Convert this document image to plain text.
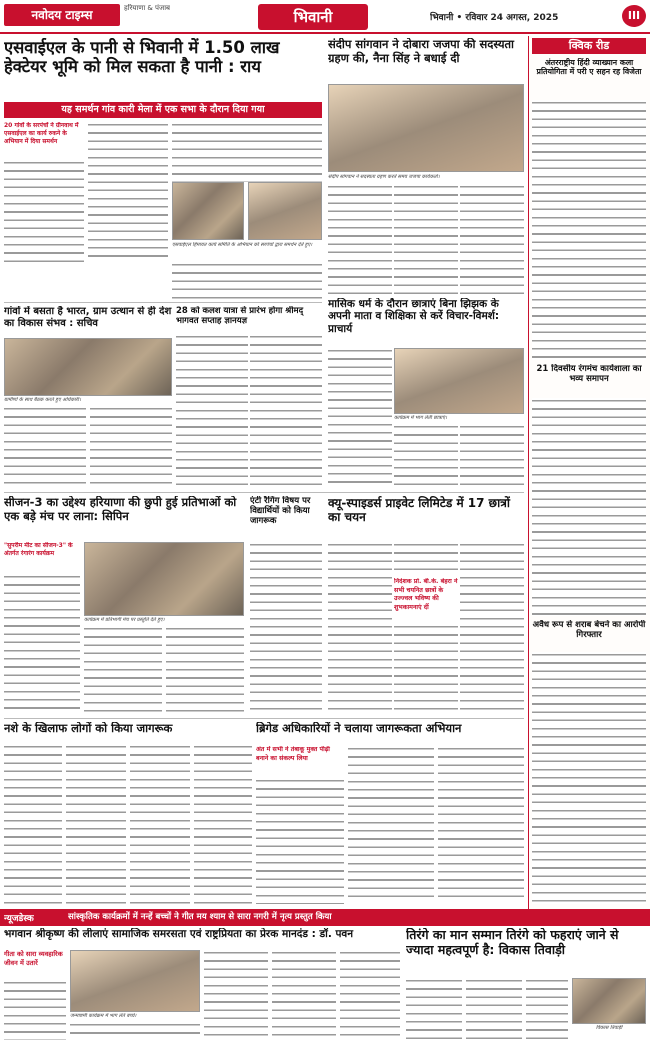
नवोदय टाइम्स	हरियाणा & पंजाब	भिवानी	भिवानी • रविवार 24 अगस्त, 2025	III
एसवाईएल के पानी से भिवानी में 1.50 लाख हेक्टेयर भूमि को मिल सकता है पानी : राय
यह समर्थन गांव कारी मेला में एक सभा के दौरान दिया गया
20 गांवों के सरपंचों ने ग्रीनवाथ में एसवाईएल का कार्य रुकने के अभियान में दिया समर्थन
एसवाईएल हिमायत कार्य समिति के अभियान को सरपंचों द्वारा समर्थन देते हुए।
संदीप सांगवान ने दोबारा जजपा की सदस्यता ग्रहण की, नैना सिंह ने बधाई दी
संदीप सांगवान ने सदस्यता ग्रहण करते समय जजपा कार्यकर्ता।
गांवों में बसता है भारत, ग्राम उत्थान से ही देश का विकास संभव : सचिव
ग्रामीणों के साथ बैठक करते हुए अधिकारी।
28 को कलश यात्रा से प्रारंभ होगा श्रीमद् भागवत सप्ताह ज्ञानयज्ञ
मासिक धर्म के दौरान छात्राएं बिना झिझक के अपनी माता व शिक्षिका से करें विचार-विमर्श: प्राचार्य
कार्यक्रम में भाग लेती छात्राएं।
सीजन-3 का उद्देश्य हरियाणा की छुपी हुई प्रतिभाओं को एक बड़े मंच पर लाना: सिपिन
"सुपरीम मीट का सीजन-3" के अंतर्गत रंगारंग कार्यक्रम
कार्यक्रम में प्रतिभागी मंच पर प्रस्तुति देते हुए।
एंटी रैगिंग विषय पर विद्यार्थियों को किया जागरूक
क्यू-स्पाइडर्स प्राइवेट लिमिटेड में 17 छात्रों का चयन
निदेशक प्रो. बी.के. बेहरा ने सभी चयनित छात्रों के उज्ज्वल भविष्य की शुभकामनाएं दीं
नशे के खिलाफ लोगों को किया जागरूक	ब्रिगेड अधिकारियों ने चलाया जागरूकता अभियान
अंत में सभी ने तंबाकू मुक्त पीढ़ी बनाने का संकल्प लिया
क्विक रीड
अंतरराष्ट्रीय हिंदी व्याख्यान कला प्रतियोगिता में परी ए सहन रह विजेता
21 दिवसीय रंगमंच कार्यशाला का भव्य समापन
अवैध रूप से शराब बेचने का आरोपी गिरफ्तार
न्यूजडेस्क	सांस्कृतिक कार्यक्रमों में नन्हें बच्चों ने गीत मय श्याम से सारा नगरी में नृत्य प्रस्तुत किया
भगवान श्रीकृष्ण की लीलाएं सामाजिक समरसता एवं राष्ट्रप्रियता का प्रेरक मानदंड : डॉ. पवन
गीता को सारा व्यवहारिक जीवन में उतारें
जन्माष्टमी कार्यक्रम में भाग लेते बच्चे।
तिरंगे का मान सम्मान तिरंगे को फहराएं जाने से ज्यादा महत्वपूर्ण है: विकास तिवाड़ी
विकास तिवाड़ी
